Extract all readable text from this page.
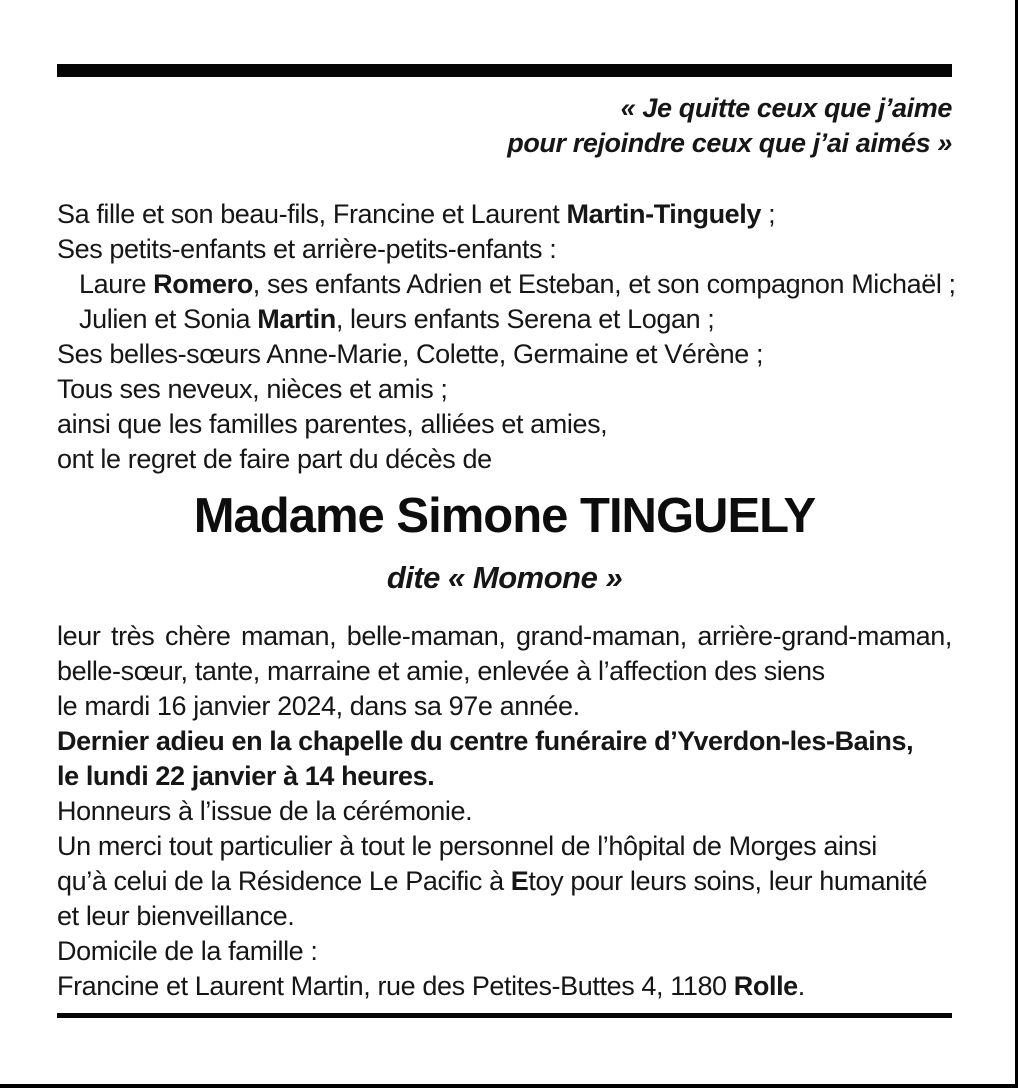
« Je quitte ceux que j’aime
pour rejoindre ceux que j’ai aimés »
Sa fille et son beau-fils, Francine et Laurent Martin-Tinguely ;
Ses petits-enfants et arrière-petits-enfants :
Laure Romero, ses enfants Adrien et Esteban, et son compagnon Michaël ;
Julien et Sonia Martin, leurs enfants Serena et Logan ;
Ses belles-sœurs Anne-Marie, Colette, Germaine et Vérène ;
Tous ses neveux, nièces et amis ;
ainsi que les familles parentes, alliées et amies,
ont le regret de faire part du décès de
Madame Simone TINGUELY
dite « Momone »
leur très chère maman, belle-maman, grand-maman, arrière-grand-maman,
belle-sœur, tante, marraine et amie, enlevée à l’affection des siens
le mardi 16 janvier 2024, dans sa 97e année.
Dernier adieu en la chapelle du centre funéraire d’Yverdon-les-Bains,
le lundi 22 janvier à 14 heures.
Honneurs à l’issue de la cérémonie.
Un merci tout particulier à tout le personnel de l’hôpital de Morges ainsi
qu’à celui de la Résidence Le Pacific à Etoy pour leurs soins, leur humanité
et leur bienveillance.
Domicile de la famille :
Francine et Laurent Martin, rue des Petites-Buttes 4, 1180 Rolle.
